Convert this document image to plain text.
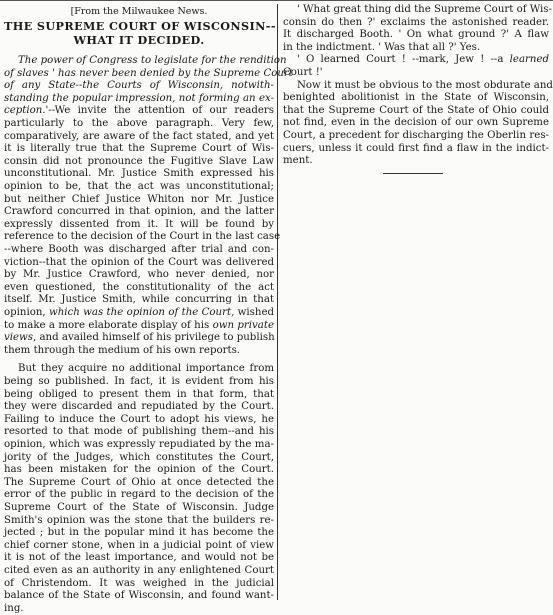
[From the Milwaukee News.
THE SUPREME COURT OF WISCONSIN--
WHAT IT DECIDED.
The power of Congress to legislate for the rendition
of slaves ' has never been denied by the Supreme Court
of any State--the Courts of Wisconsin, notwith-
standing the popular impression, not forming an ex-
ception.'--We invite the attention of our readers
particularly to the above paragraph. Very few,
comparatively, are aware of the fact stated, and yet
it is literally true that the Supreme Court of Wis-
consin did not pronounce the Fugitive Slave Law
unconstitutional. Mr. Justice Smith expressed his
opinion to be, that the act was unconstitutional;
but neither Chief Justice Whiton nor Mr. Justice
Crawford concurred in that opinion, and the latter
expressly dissented from it. It will be found by
reference to the decision of the Court in the last case
--where Booth was discharged after trial and con-
viction--that the opinion of the Court was delivered
by Mr. Justice Crawford, who never denied, nor
even questioned, the constitutionality of the act
itself. Mr. Justice Smith, while concurring in that
opinion, which was the opinion of the Court, wished
to make a more elaborate display of his own private
views, and availed himself of his privilege to publish
them through the medium of his own reports.
But they acquire no additional importance from
being so published. In fact, it is evident from his
being obliged to present them in that form, that
they were discarded and repudiated by the Court.
Failing to induce the Court to adopt his views, he
resorted to that mode of publishing them--and his
opinion, which was expressly repudiated by the ma-
jority of the Judges, which constitutes the Court,
has been mistaken for the opinion of the Court.
The Supreme Court of Ohio at once detected the
error of the public in regard to the decision of the
Supreme Court of the State of Wisconsin. Judge
Smith's opinion was the stone that the builders re-
jected ; but in the popular mind it has become the
chief corner stone, when in a judicial point of view
it is not of the least importance, and would not be
cited even as an authority in any enlightened Court
of Christendom. It was weighed in the judicial
balance of the State of Wisconsin, and found want-
ing.
' What great thing did the Supreme Court of Wis-
consin do then ?' exclaims the astonished reader.
It discharged Booth. ' On what ground ?' A flaw
in the indictment. ' Was that all ?' Yes.
' O learned Court ! --mark, Jew ! --a learned
Court !'
Now it must be obvious to the most obdurate and
benighted abolitionist in the State of Wisconsin,
that the Supreme Court of the State of Ohio could
not find, even in the decision of our own Supreme
Court, a precedent for discharging the Oberlin res-
cuers, unless it could first find a flaw in the indict-
ment.
